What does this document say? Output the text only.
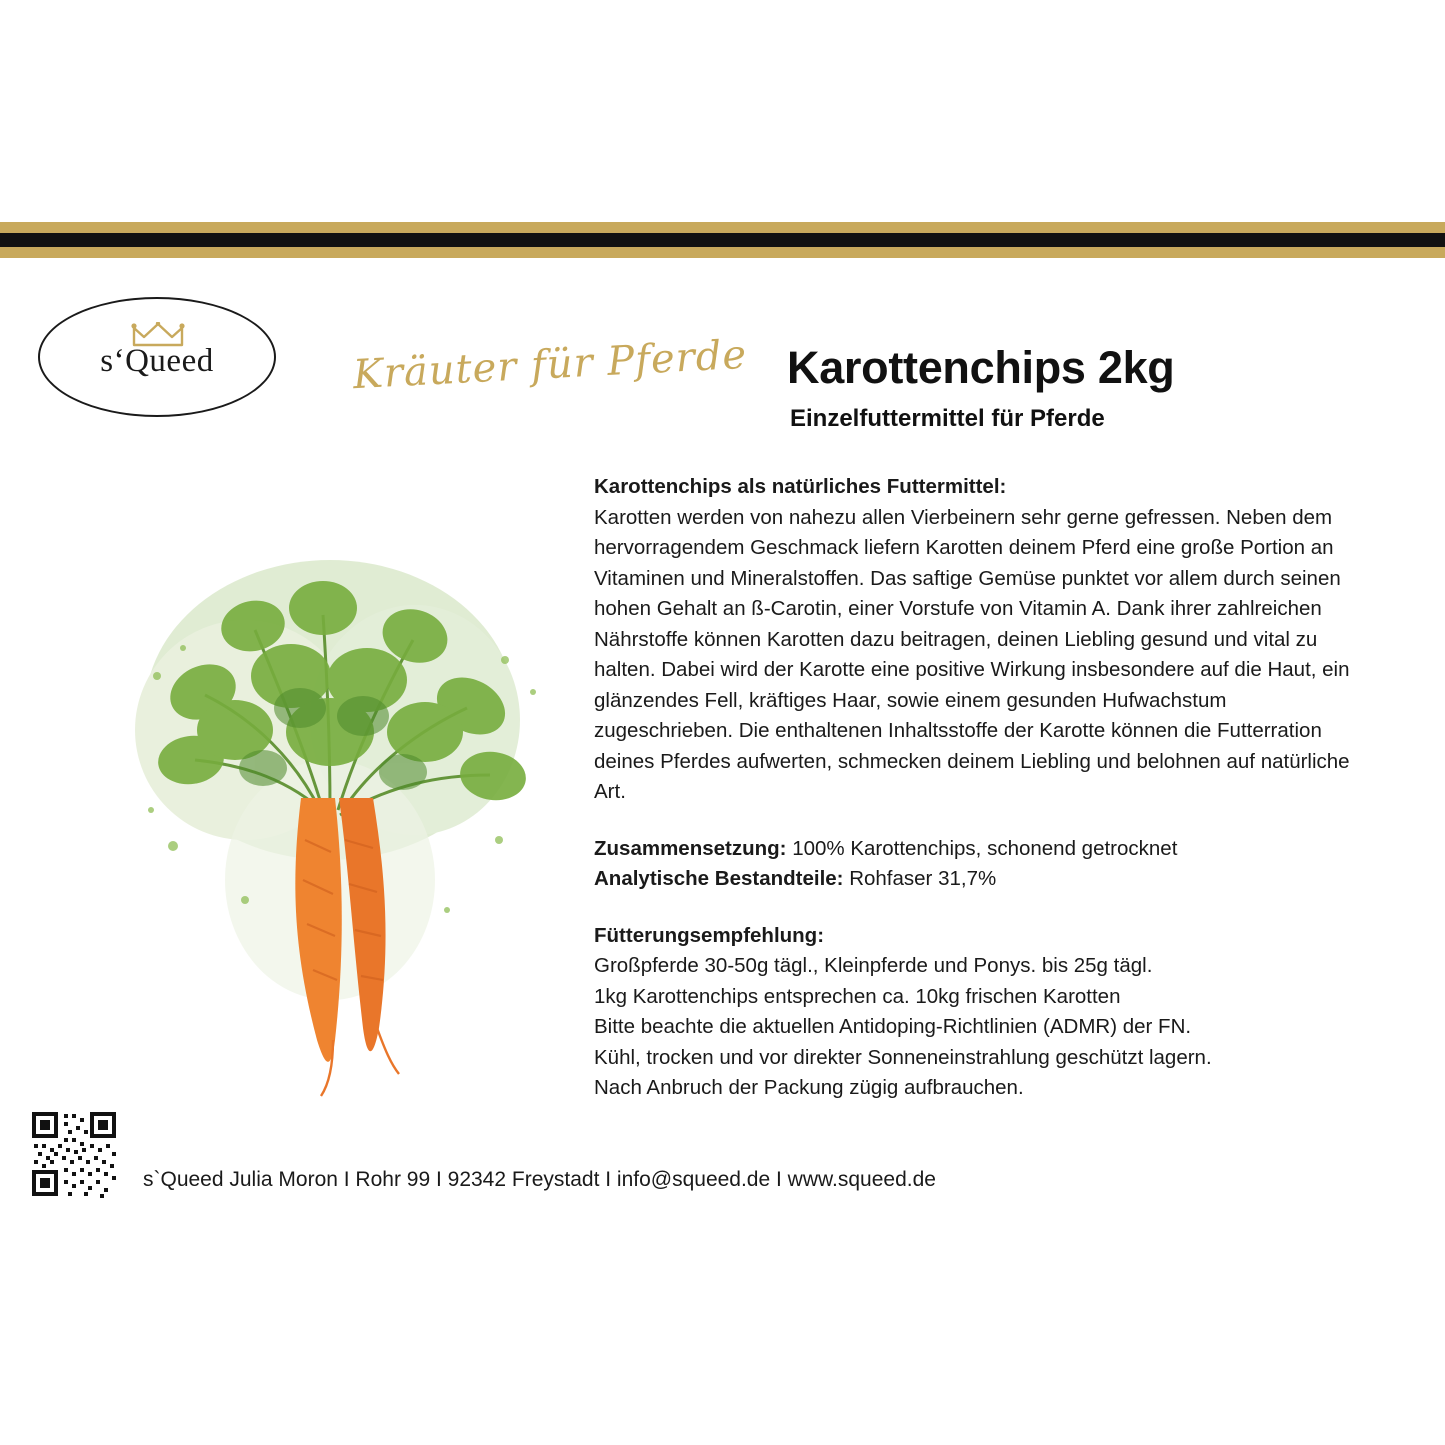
s‘Queed	Kräuter für Pferde Karottenchips 2kg
Einzelfuttermittel für Pferde
Karottenchips als natürliches Futtermittel:
Karotten werden von nahezu allen Vierbeinern sehr gerne gefressen. Neben dem hervorragendem Geschmack liefern Karotten deinem Pferd eine große Portion an Vitaminen und Mineralstoffen. Das saftige Gemüse punktet vor allem durch seinen hohen Gehalt an ß-Carotin, einer Vorstufe von Vitamin A. Dank ihrer zahlreichen Nährstoffe können Karotten dazu beitragen, deinen Liebling gesund und vital zu halten. Dabei wird der Karotte eine positive Wirkung insbesondere auf die Haut, ein glänzendes Fell, kräftiges Haar, sowie einem gesunden Hufwachstum zugeschrieben. Die enthaltenen Inhaltsstoffe der Karotte können die Futterration deines Pferdes aufwerten, schmecken deinem Liebling und belohnen auf natürliche Art.
Zusammensetzung: 100% Karottenchips, schonend getrocknet
Analytische Bestandteile: Rohfaser 31,7%
Fütterungsempfehlung:
Großpferde 30-50g tägl., Kleinpferde und Ponys. bis 25g tägl.
1kg Karottenchips entsprechen ca. 10kg frischen Karotten
Bitte beachte die aktuellen Antidoping-Richtlinien (ADMR) der FN.
Kühl, trocken und vor direkter Sonneneinstrahlung geschützt lagern.
Nach Anbruch der Packung zügig aufbrauchen.
s`Queed Julia Moron I Rohr 99 I 92342 Freystadt I info@squeed.de I www.squeed.de
